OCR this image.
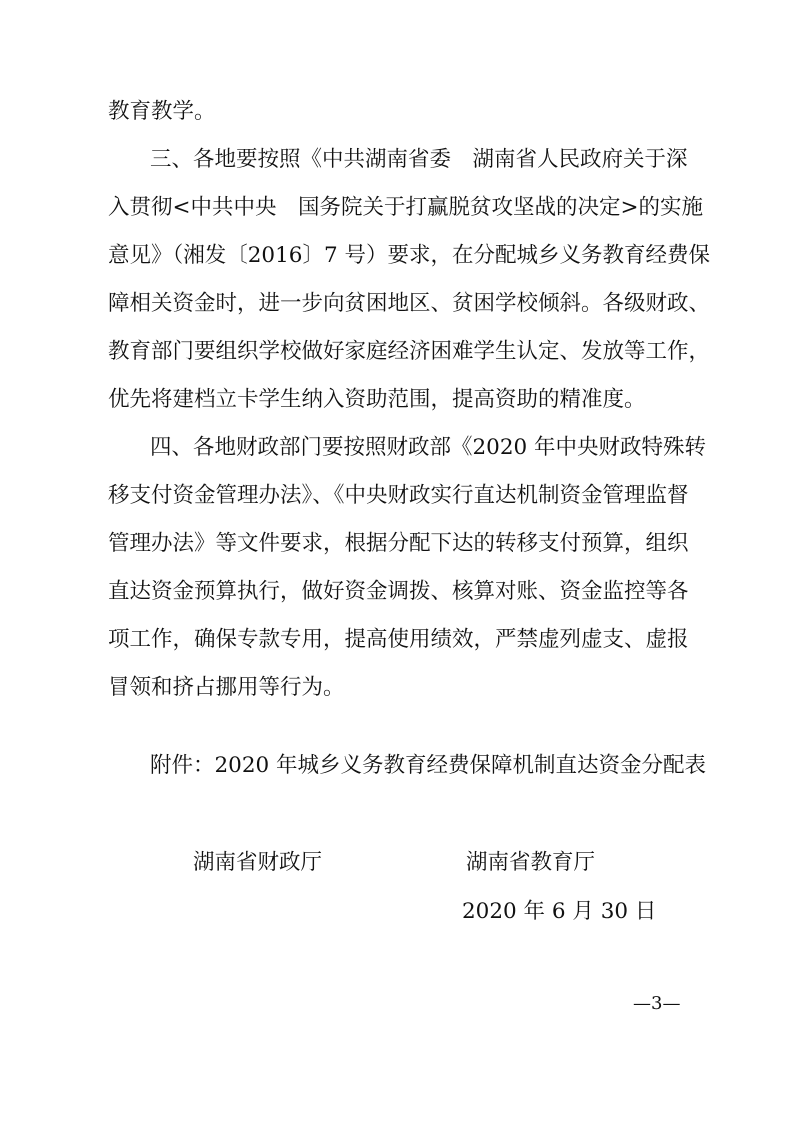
教育教学。
三、各地要按照《中共湖南省委　湖南省人民政府关于深
入贯彻<中共中央　国务院关于打赢脱贫攻坚战的决定>的实施
意见》（湘发〔2016〕7 号）要求，在分配城乡义务教育经费保
障相关资金时，进一步向贫困地区、贫困学校倾斜。各级财政、
教育部门要组织学校做好家庭经济困难学生认定、发放等工作，
优先将建档立卡学生纳入资助范围，提高资助的精准度。
四、各地财政部门要按照财政部《2020 年中央财政特殊转
移支付资金管理办法》、《中央财政实行直达机制资金管理监督
管理办法》等文件要求，根据分配下达的转移支付预算，组织
直达资金预算执行，做好资金调拨、核算对账、资金监控等各
项工作，确保专款专用，提高使用绩效，严禁虚列虚支、虚报
冒领和挤占挪用等行为。
附件：2020 年城乡义务教育经费保障机制直达资金分配表
湖南省财政厅	湖南省教育厅
2020 年 6 月 30 日
—3—
